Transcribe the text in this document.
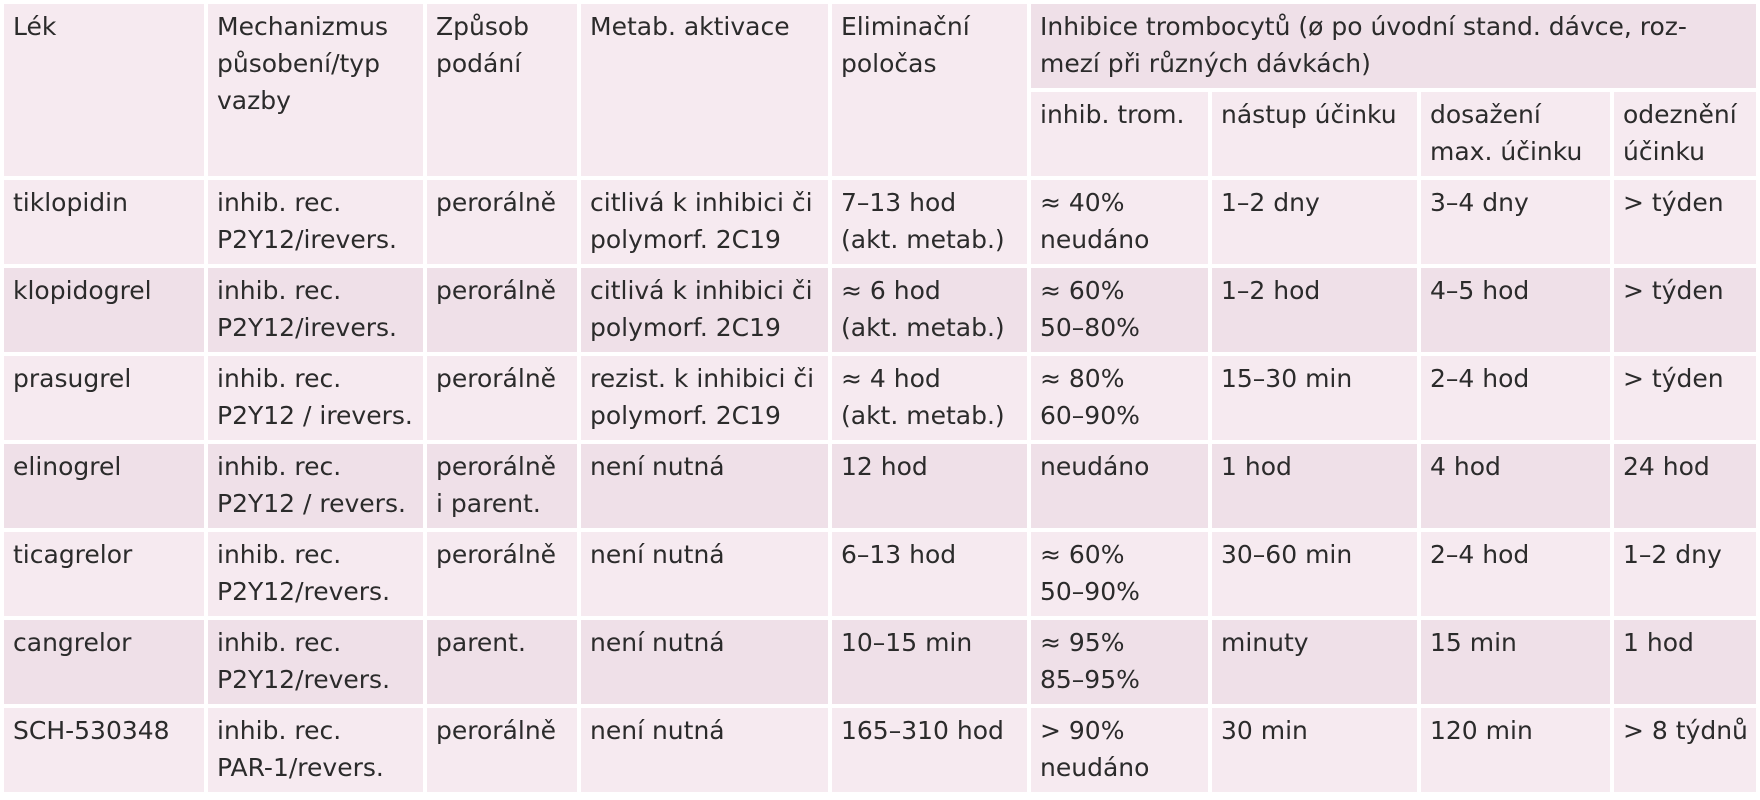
Lék	Mechanizmus
působení/typ
vazby	Způsob
podání	Metab. aktivace	Eliminační
poločas	Inhibice trombocytů (ø po úvodní stand. dávce, roz-
mezí při různých dávkách)			
					inhib. trom.	nástup účinku	dosažení
max. účinku	odeznění
účinku
tiklopidin	inhib. rec.
P2Y12/irevers.	perorálně	citlivá k inhibici či
polymorf. 2C19	7–13 hod
(akt. metab.)	≈ 40%
neudáno	1–2 dny	3–4 dny	> týden
klopidogrel	inhib. rec.
P2Y12/irevers.	perorálně	citlivá k inhibici či
polymorf. 2C19	≈ 6 hod
(akt. metab.)	≈ 60%
50–80%	1–2 hod	4–5 hod	> týden
prasugrel	inhib. rec.
P2Y12 / irevers.	perorálně	rezist. k inhibici či
polymorf. 2C19	≈ 4 hod
(akt. metab.)	≈ 80%
60–90%	15–30 min	2–4 hod	> týden
elinogrel	inhib. rec.
P2Y12 / revers.	perorálně
i parent.	není nutná	12 hod	neudáno	1 hod	4 hod	24 hod
ticagrelor	inhib. rec.
P2Y12/revers.	perorálně	není nutná	6–13 hod	≈ 60%
50–90%	30–60 min	2–4 hod	1–2 dny
cangrelor	inhib. rec.
P2Y12/revers.	parent.	není nutná	10–15 min	≈ 95%
85–95%	minuty	15 min	1 hod
SCH-530348	inhib. rec.
PAR-1/revers.	perorálně	není nutná	165–310 hod	> 90%
neudáno	30 min	120 min	> 8 týdnů
